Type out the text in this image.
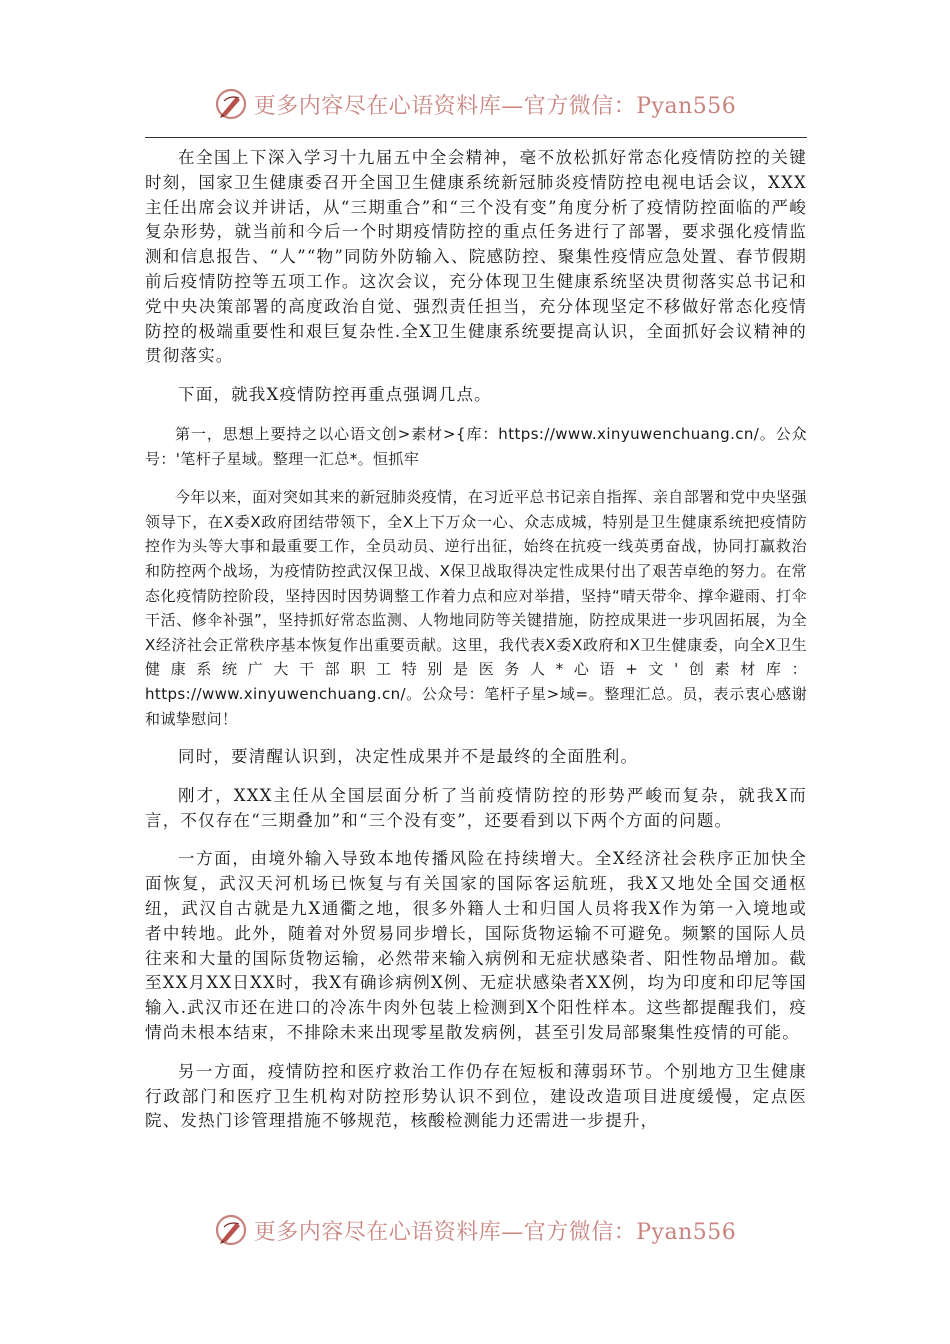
更多内容尽在心语资料库—官方微信：Pyan556

在全国上下深入学习十九届五中全会精神，毫不放松抓好常态化疫情防控的关键时刻，国家卫生健康委召开全国卫生健康系统新冠肺炎疫情防控电视电话会议，XXX主任出席会议并讲话，从“三期重合”和“三个没有变”角度分析了疫情防控面临的严峻复杂形势，就当前和今后一个时期疫情防控的重点任务进行了部署，要求强化疫情监测和信息报告、“人”“物”同防外防输入、院感防控、聚集性疫情应急处置、春节假期前后疫情防控等五项工作。这次会议，充分体现卫生健康系统坚决贯彻落实总书记和党中央决策部署的高度政治自觉、强烈责任担当，充分体现坚定不移做好常态化疫情防控的极端重要性和艰巨复杂性.全X卫生健康系统要提高认识，全面抓好会议精神的贯彻落实。

下面，就我X疫情防控再重点强调几点。

第一，思想上要持之以心语文创>素材>{库：https://www.xinyuwenchuang.cn/。公众号：'笔杆子星域。整理一汇总*。恒抓牢

今年以来，面对突如其来的新冠肺炎疫情，在习近平总书记亲自指挥、亲自部署和党中央坚强领导下，在X委X政府团结带领下，全X上下万众一心、众志成城，特别是卫生健康系统把疫情防控作为头等大事和最重要工作，全员动员、逆行出征，始终在抗疫一线英勇奋战，协同打赢救治和防控两个战场，为疫情防控武汉保卫战、X保卫战取得决定性成果付出了艰苦卓绝的努力。在常态化疫情防控阶段，坚持因时因势调整工作着力点和应对举措，坚持“晴天带伞、撑伞避雨、打伞干活、修伞补强”，坚持抓好常态监测、人物地同防等关键措施，防控成果进一步巩固拓展，为全X经济社会正常秩序基本恢复作出重要贡献。这里，我代表X委X政府和X卫生健康委，向全X卫生健康系统广大干部职工特别是医务人*心语+文'创素材库：https://www.xinyuwenchuang.cn/。公众号：笔杆子星>域=。整理汇总。员，表示衷心感谢和诚挚慰问！

同时，要清醒认识到，决定性成果并不是最终的全面胜利。

刚才，XXX主任从全国层面分析了当前疫情防控的形势严峻而复杂，就我X而言，不仅存在“三期叠加”和“三个没有变”，还要看到以下两个方面的问题。

一方面，由境外输入导致本地传播风险在持续增大。全X经济社会秩序正加快全面恢复，武汉天河机场已恢复与有关国家的国际客运航班，我X又地处全国交通枢纽，武汉自古就是九X通衢之地，很多外籍人士和归国人员将我X作为第一入境地或者中转地。此外，随着对外贸易同步增长，国际货物运输不可避免。频繁的国际人员往来和大量的国际货物运输，必然带来输入病例和无症状感染者、阳性物品增加。截至XX月XX日XX时，我X有确诊病例X例、无症状感染者XX例，均为印度和印尼等国输入.武汉市还在进口的冷冻牛肉外包装上检测到X个阳性样本。这些都提醒我们，疫情尚未根本结束，不排除未来出现零星散发病例，甚至引发局部聚集性疫情的可能。

另一方面，疫情防控和医疗救治工作仍存在短板和薄弱环节。个别地方卫生健康行政部门和医疗卫生机构对防控形势认识不到位，建设改造项目进度缓慢，定点医院、发热门诊管理措施不够规范，核酸检测能力还需进一步提升，

更多内容尽在心语资料库—官方微信：Pyan556
